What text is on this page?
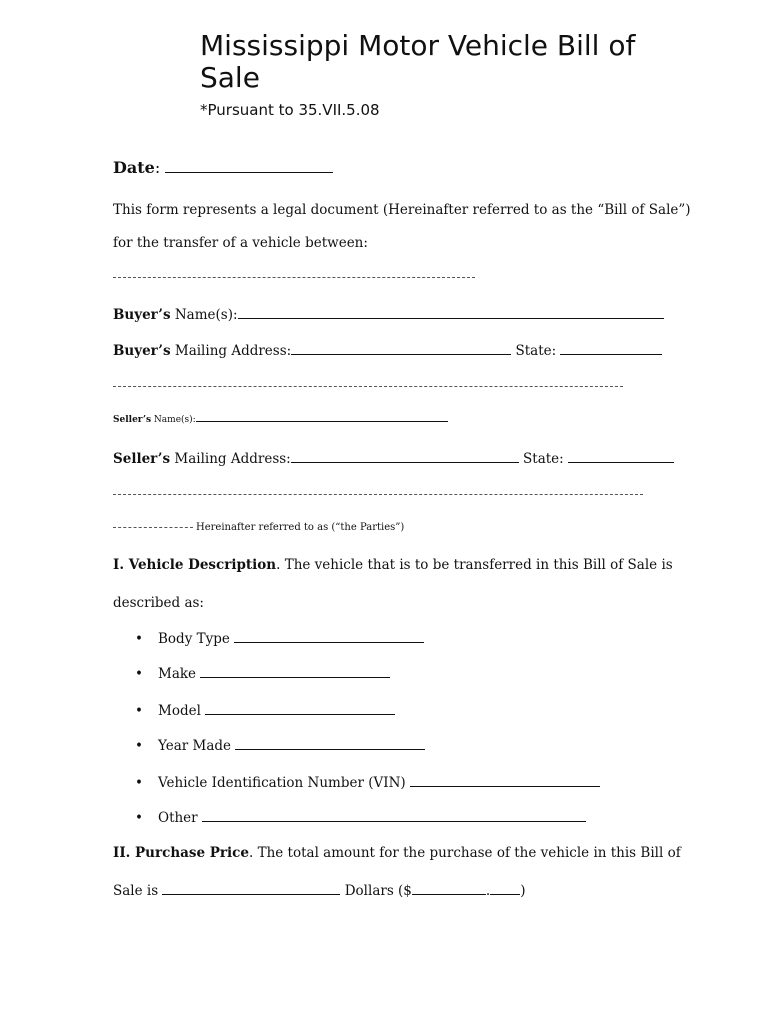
Mississippi Motor Vehicle Bill of Sale
*Pursuant to 35.VII.5.08
Date:
This form represents a legal document (Hereinafter referred to as the “Bill of Sale”)
for the transfer of a vehicle between:
Buyer’s Name(s):
Buyer’s Mailing Address:	State:
Seller’s Name(s):
Seller’s Mailing Address:	State:
Hereinafter referred to as (“the Parties”)
I. Vehicle Description. The vehicle that is to be transferred in this Bill of Sale is
described as:
• Body Type
• Make
• Model
• Year Made
• Vehicle Identification Number (VIN)
• Other
II. Purchase Price. The total amount for the purchase of the vehicle in this Bill of
Sale is	Dollars ($	. )
